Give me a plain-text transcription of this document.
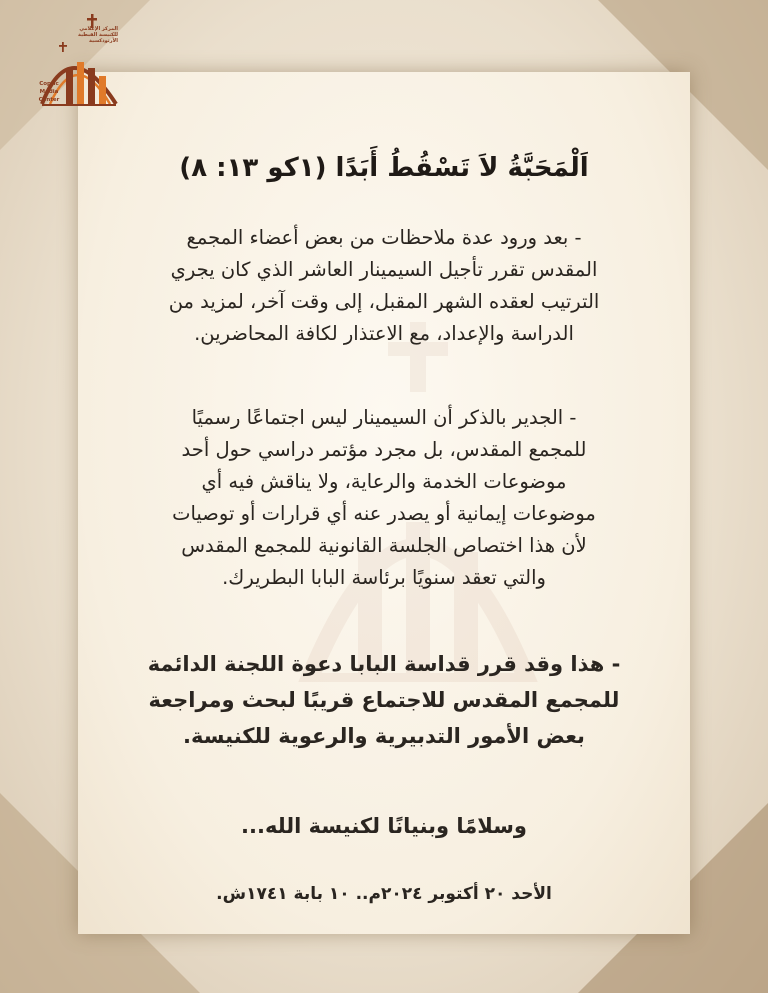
المركز الإعلامي للكنيسة القبطية الأرثوذكسية
Coptic
Media
Center
اَلْمَحَبَّةُ لاَ تَسْقُطُ أَبَدًا (١كو ١٣: ٨)
- بعد ورود عدة ملاحظات من بعض أعضاء المجمع
المقدس تقرر تأجيل السيمينار العاشر الذي كان يجري
الترتيب لعقده الشهر المقبل، إلى وقت آخر، لمزيد من
الدراسة والإعداد، مع الاعتذار لكافة المحاضرين.
- الجدير بالذكر أن السيمينار ليس اجتماعًا رسميًا
للمجمع المقدس، بل مجرد مؤتمر دراسي حول أحد
موضوعات الخدمة والرعاية، ولا يناقش فيه أي
موضوعات إيمانية أو يصدر عنه أي قرارات أو توصيات
لأن هذا اختصاص الجلسة القانونية للمجمع المقدس
والتي تعقد سنويًا برئاسة البابا البطريرك.
- هذا وقد قرر قداسة البابا دعوة اللجنة الدائمة
للمجمع المقدس للاجتماع قريبًا لبحث ومراجعة
بعض الأمور التدبيرية والرعوية للكنيسة.
وسلامًا وبنيانًا لكنيسة الله...
الأحد ٢٠ أكتوبر ٢٠٢٤م.. ١٠ بابة ١٧٤١ش.
